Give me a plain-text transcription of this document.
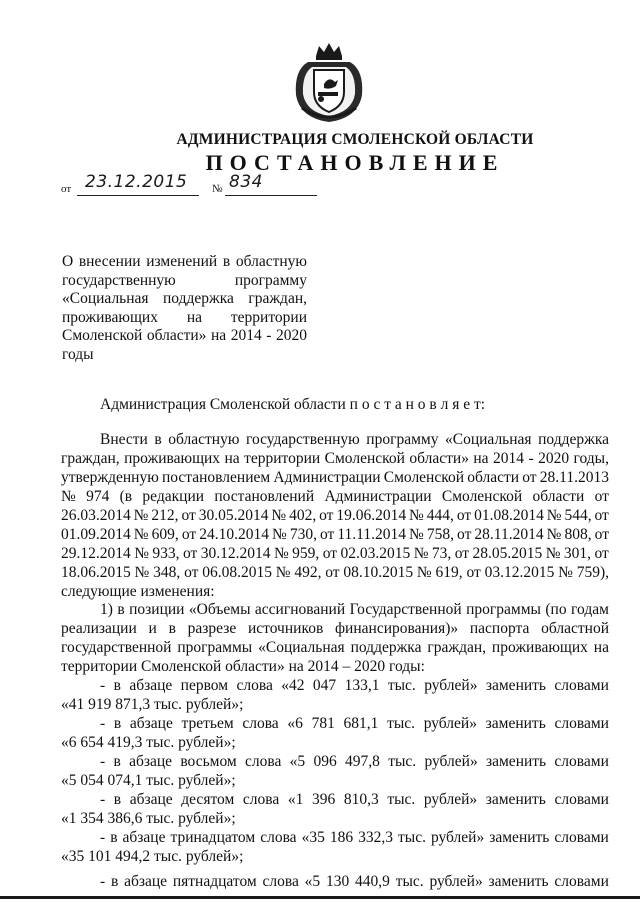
АДМИНИСТРАЦИЯ СМОЛЕНСКОЙ ОБЛАСТИ
ПОСТАНОВЛЕНИЕ
от 23.12.2015 № 834
О внесении изменений в областную
государственную	программу
«Социальная поддержка граждан,
проживающих на территории
Смоленской области» на 2014 - 2020
годы
Администрация Смоленской области п о с т а н о в л я е т:
Внести в областную государственную программу «Социальная поддержка
граждан, проживающих на территории Смоленской области» на 2014 - 2020 годы,
утвержденную постановлением Администрации Смоленской области от 28.11.2013
№ 974 (в редакции постановлений Администрации Смоленской области от
26.03.2014 № 212, от 30.05.2014 № 402, от 19.06.2014 № 444, от 01.08.2014 № 544, от
01.09.2014 № 609, от 24.10.2014 № 730, от 11.11.2014 № 758, от 28.11.2014 № 808, от
29.12.2014 № 933, от 30.12.2014 № 959, от 02.03.2015 № 73, от 28.05.2015 № 301, от
18.06.2015 № 348, от 06.08.2015 № 492, от 08.10.2015 № 619, от 03.12.2015 № 759),
следующие изменения:
1) в позиции «Объемы ассигнований Государственной программы (по годам
реализации и в разрезе источников финансирования)» паспорта областной
государственной программы «Социальная поддержка граждан, проживающих на
территории Смоленской области» на 2014 – 2020 годы:
- в абзаце первом слова «42 047 133,1 тыс. рублей» заменить словами
«41 919 871,3 тыс. рублей»;
- в абзаце третьем слова «6 781 681,1 тыс. рублей» заменить словами
«6 654 419,3 тыс. рублей»;
- в абзаце восьмом слова «5 096 497,8 тыс. рублей» заменить словами
«5 054 074,1 тыс. рублей»;
- в абзаце десятом слова «1 396 810,3 тыс. рублей» заменить словами
«1 354 386,6 тыс. рублей»;
- в абзаце тринадцатом слова «35 186 332,3 тыс. рублей» заменить словами
«35 101 494,2 тыс. рублей»;
- в абзаце пятнадцатом слова «5 130 440,9 тыс. рублей» заменить словами
